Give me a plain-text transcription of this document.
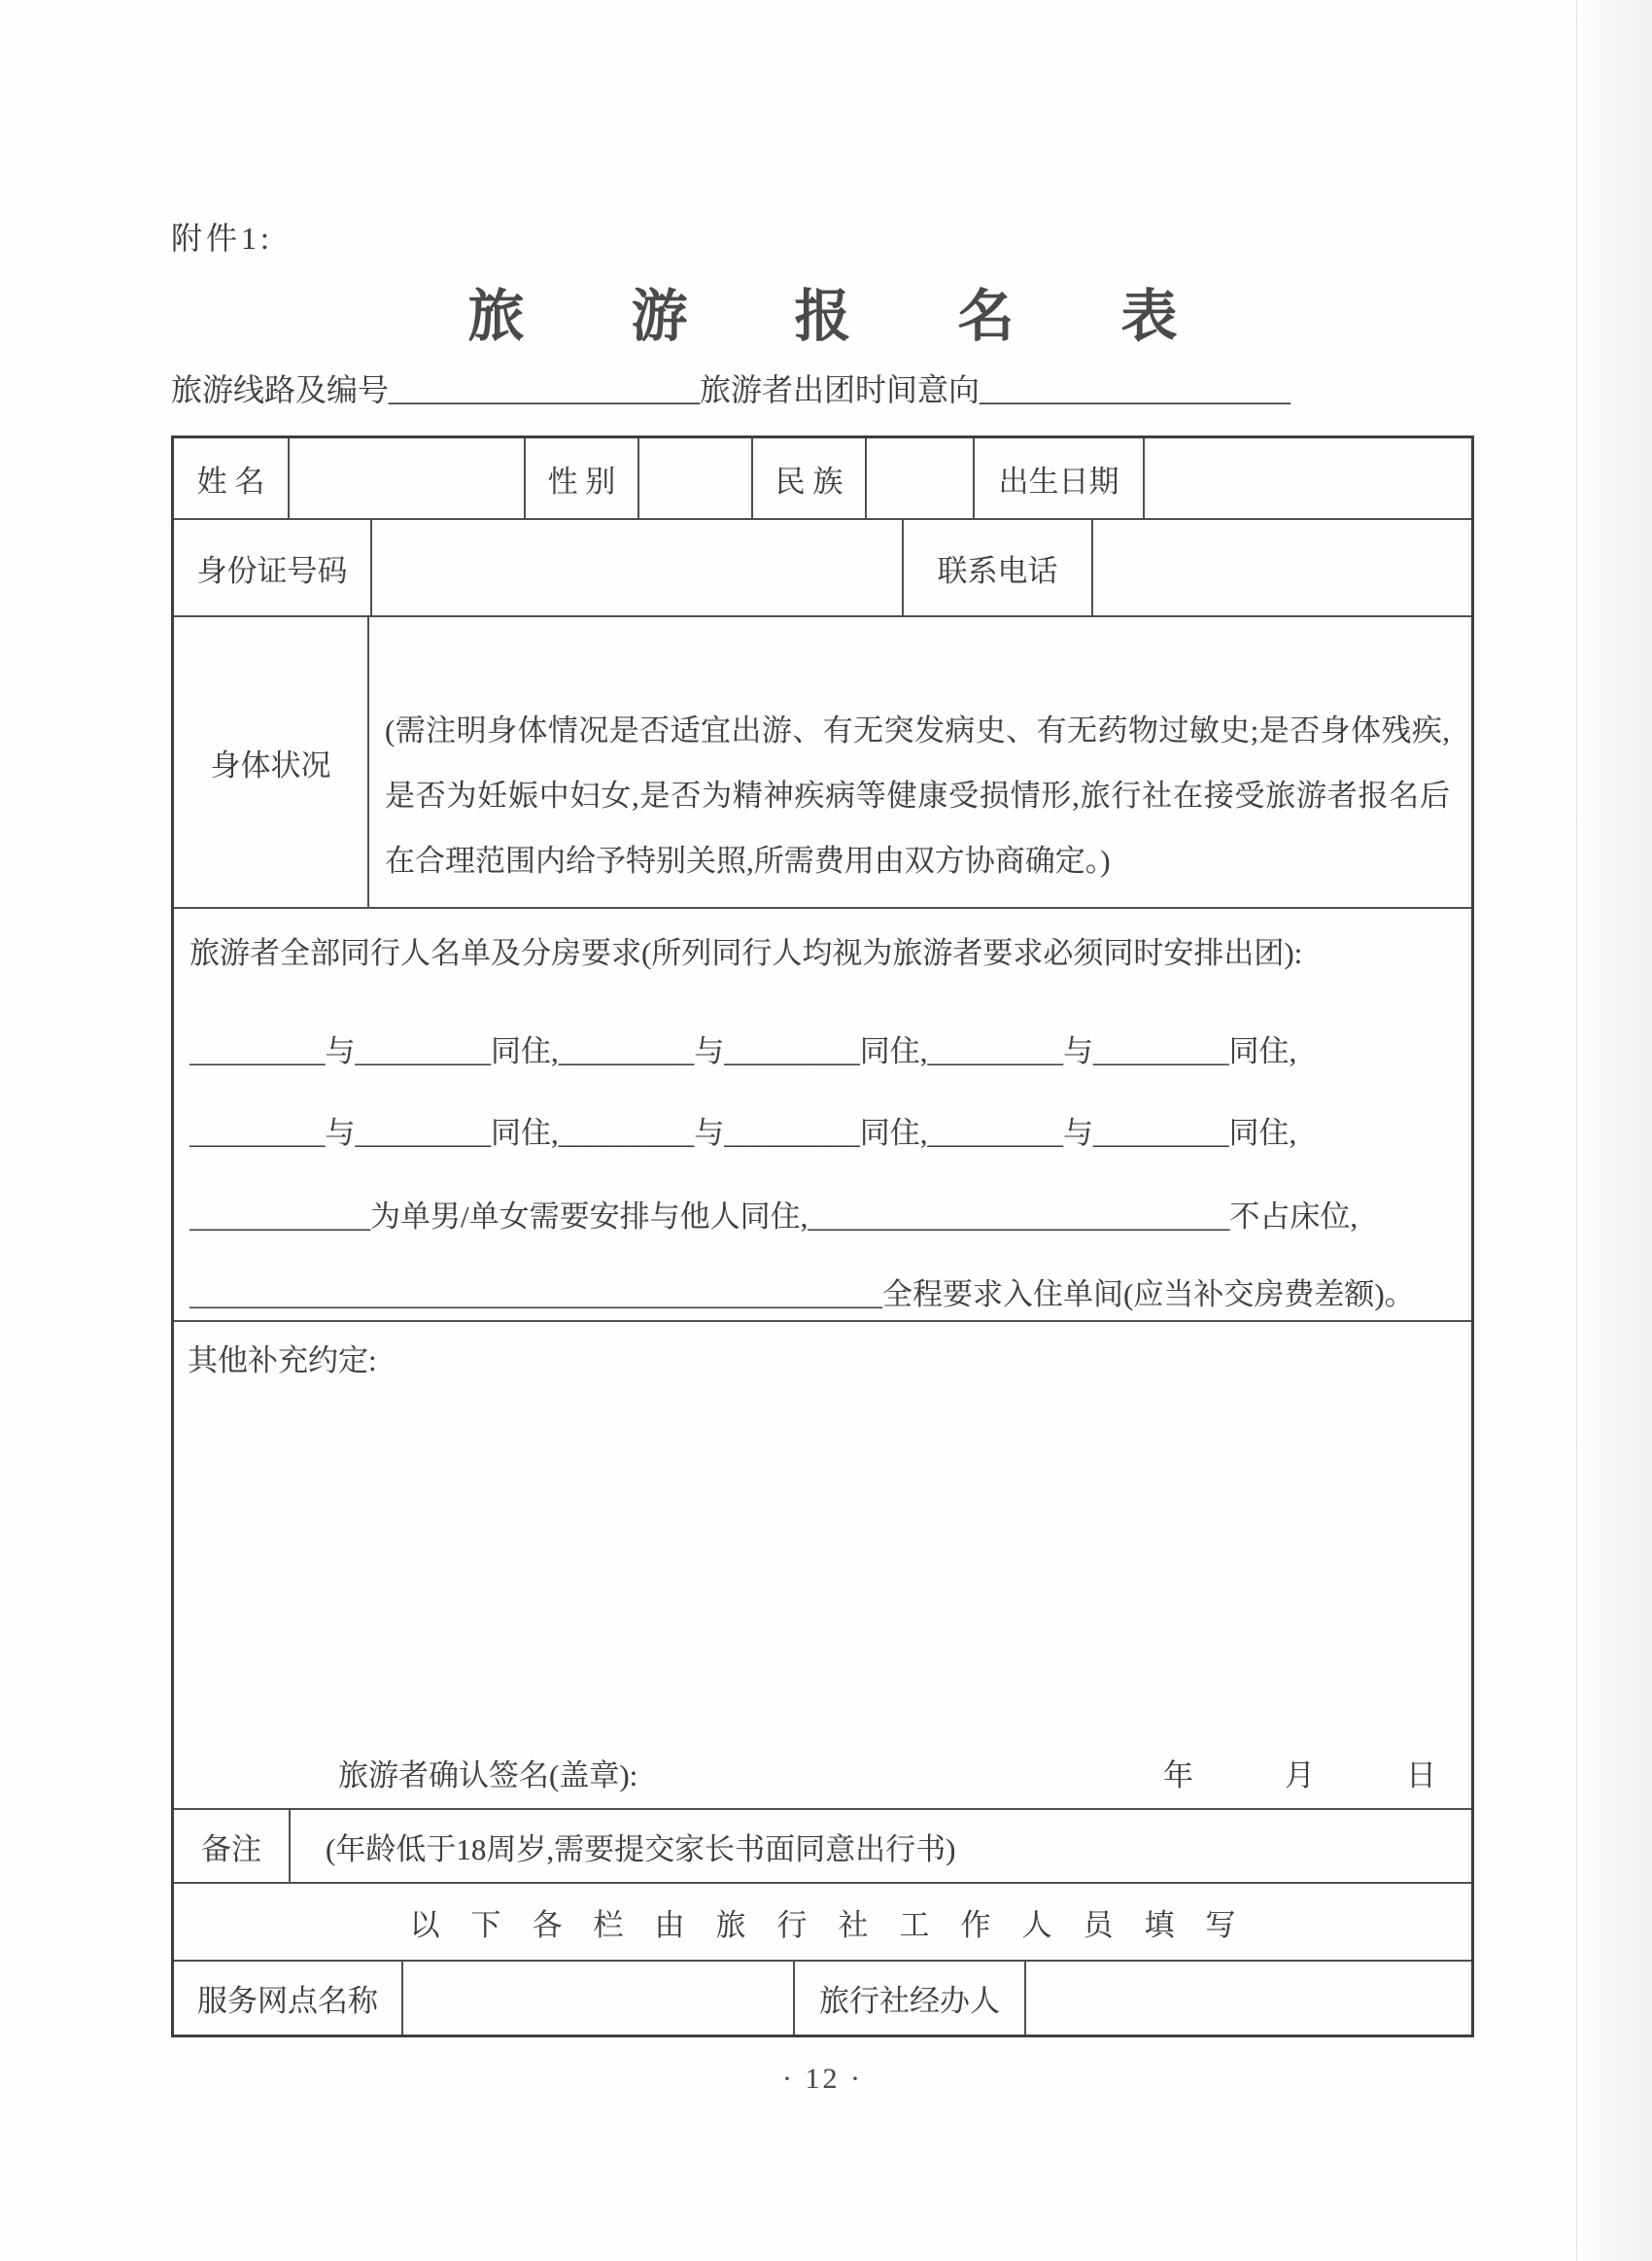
附件1:
旅游报名表
旅游线路及编号____________________旅游者出团时间意向____________________
姓 名	性 别	民 族	出生日期
身份证号码	联系电话
身体状况
(需注明身体情况是否适宜出游、有无突发病史、有无药物过敏史;是否身体残疾,是否为妊娠中妇女,是否为精神疾病等健康受损情形,旅行社在接受旅游者报名后在合理范围内给予特别关照,所需费用由双方协商确定。)
旅游者全部同行人名单及分房要求(所列同行人均视为旅游者要求必须同时安排出团):
_________与_________同住,_________与_________同住,_________与_________同住,
_________与_________同住,_________与_________同住,_________与_________同住,
____________为单男/单女需要安排与他人同住,____________________________不占床位,
______________________________________________全程要求入住单间(应当补交房费差额)。
其他补充约定:
旅游者确认签名(盖章):	年	月	日
备注	(年龄低于18周岁,需要提交家长书面同意出行书)
以下各栏由旅行社工作人员填写
服务网点名称	旅行社经办人
· 12 ·
